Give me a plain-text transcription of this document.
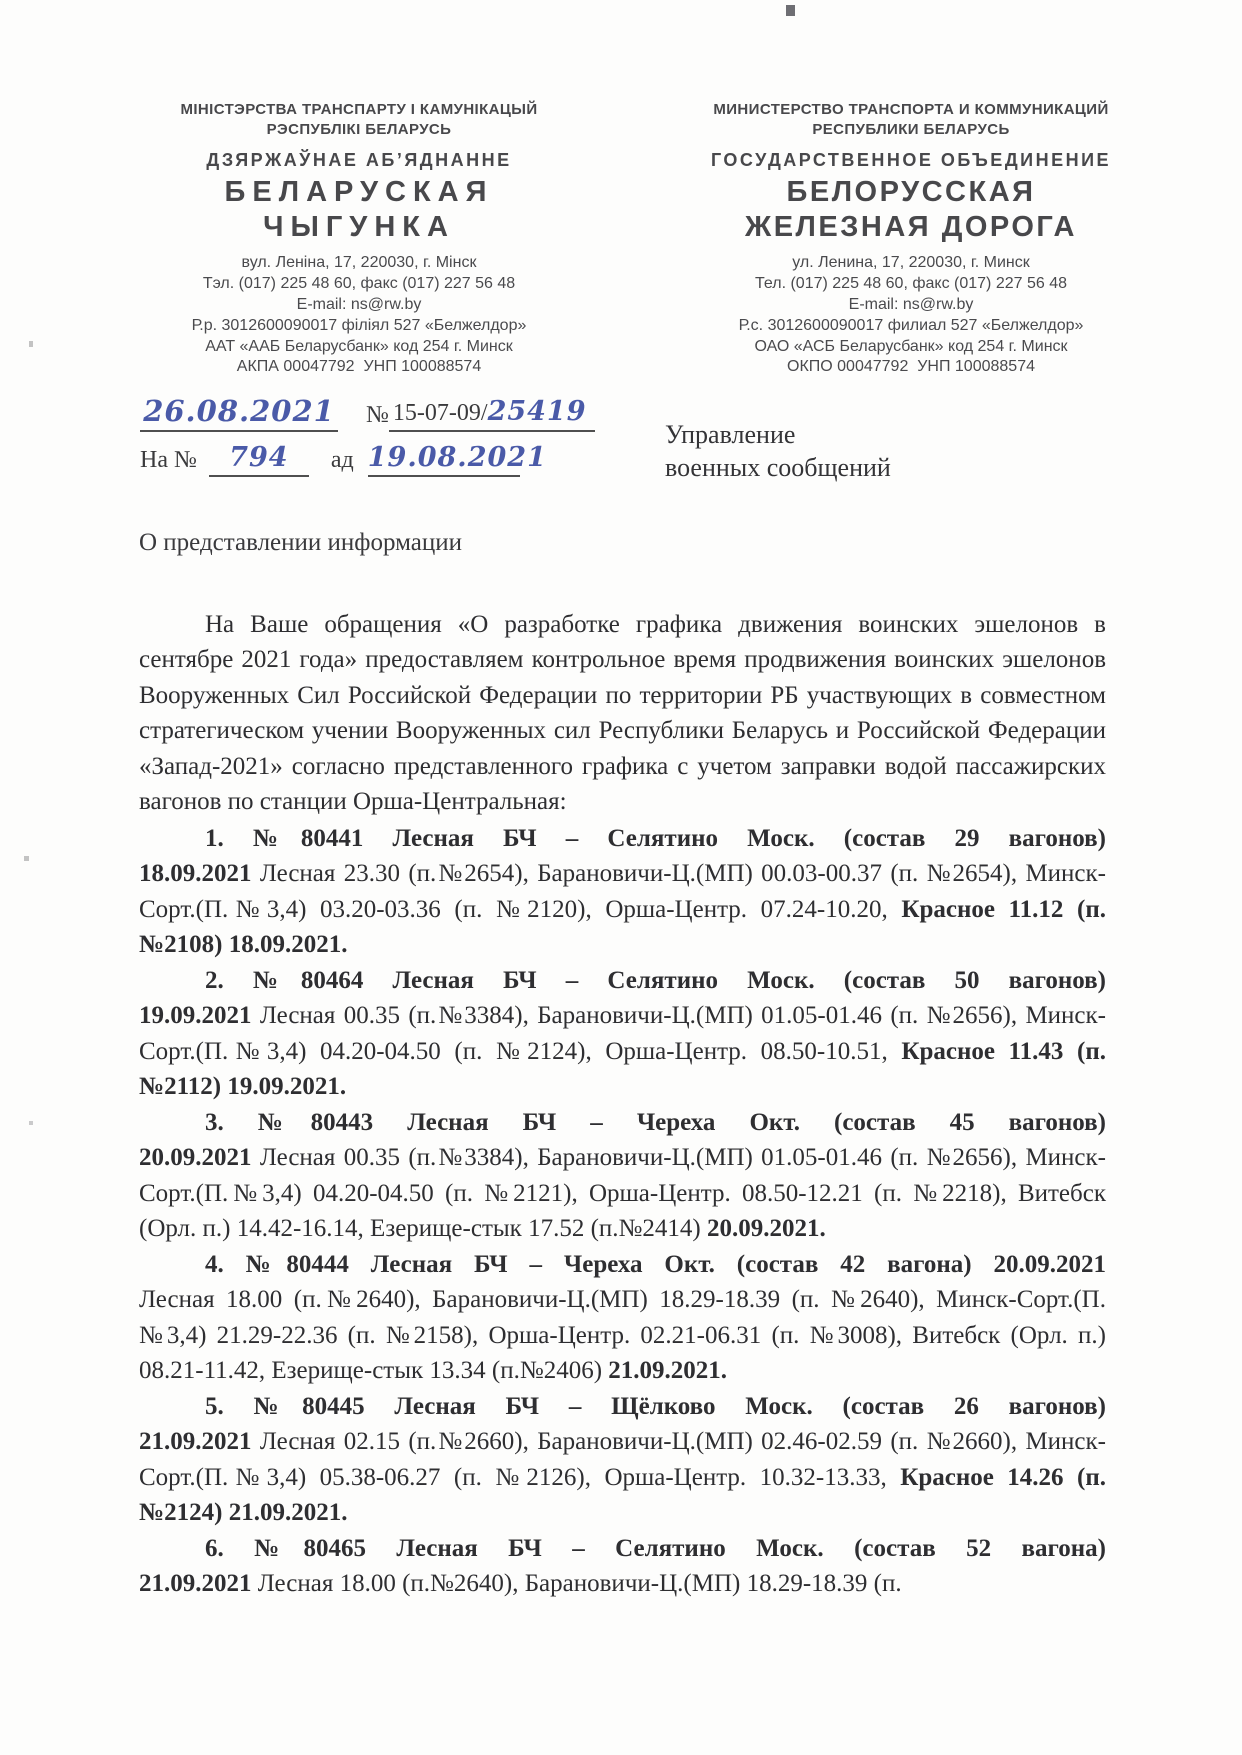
МІНІСТЭРСТВА ТРАНСПАРТУ І КАМУНІКАЦЫЙ
РЭСПУБЛІКІ БЕЛАРУСЬ
ДЗЯРЖАЎНАЕ АБ’ЯДНАННЕ
БЕЛАРУСКАЯ
ЧЫГУНКА
вул. Леніна, 17, 220030, г. Мінск
Тэл. (017) 225 48 60, факс (017) 227 56 48
E-mail: ns@rw.by
Р.р. 3012600090017 філіял 527 «Белжелдор»
ААТ «ААБ Беларусбанк» код 254 г. Минск
АКПА 00047792  УНП 100088574
МИНИСТЕРСТВО ТРАНСПОРТА И КОММУНИКАЦИЙ
РЕСПУБЛИКИ БЕЛАРУСЬ
ГОСУДАРСТВЕННОЕ ОБЪЕДИНЕНИЕ
БЕЛОРУССКАЯ
ЖЕЛЕЗНАЯ ДОРОГА
ул. Ленина, 17, 220030, г. Минск
Тел. (017) 225 48 60, факс (017) 227 56 48
E-mail: ns@rw.by
Р.с. 3012600090017 филиал 527 «Белжелдор»
ОАО «АСБ Беларусбанк» код 254 г. Минск
ОКПО 00047792  УНП 100088574
26.08.2021 № 15-07-09/25419
На №	794	ад 19.08.2021
Управление
военных сообщений
О представлении информации

На Ваше обращения «О разработке графика движения воинских эшелонов в сентябре 2021 года» предоставляем контрольное время продвижения воинских эшелонов Вооруженных Сил Российской Федерации по территории РБ участвующих в совместном стратегическом учении Вооруженных сил Республики Беларусь и Российской Федерации «Запад-2021» согласно представленного графика с учетом заправки водой пассажирских вагонов по станции Орша-Центральная:

1. №80441 Лесная БЧ – Селятино Моск. (состав 29 вагонов)
18.09.2021 Лесная 23.30 (п.№2654), Барановичи-Ц.(МП) 00.03-00.37 (п. №2654), Минск-Сорт.(П.№3,4) 03.20-03.36 (п. №2120), Орша-Центр. 07.24-10.20, Красное 11.12 (п. №2108) 18.09.2021.

2. №80464 Лесная БЧ – Селятино Моск. (состав 50 вагонов)
19.09.2021 Лесная 00.35 (п.№3384), Барановичи-Ц.(МП) 01.05-01.46 (п. №2656), Минск-Сорт.(П.№3,4) 04.20-04.50 (п. №2124), Орша-Центр. 08.50-10.51, Красное 11.43 (п. №2112) 19.09.2021.

3. №80443 Лесная БЧ – Череха Окт. (состав 45 вагонов)
20.09.2021 Лесная 00.35 (п.№3384), Барановичи-Ц.(МП) 01.05-01.46 (п. №2656), Минск-Сорт.(П.№3,4) 04.20-04.50 (п. №2121), Орша-Центр. 08.50-12.21 (п. №2218), Витебск (Орл. п.) 14.42-16.14, Езерище-стык 17.52 (п.№2414) 20.09.2021.

4. №80444 Лесная БЧ – Череха Окт. (состав 42 вагона) 20.09.2021
Лесная 18.00 (п.№2640), Барановичи-Ц.(МП) 18.29-18.39 (п. №2640), Минск-Сорт.(П.№3,4) 21.29-22.36 (п. №2158), Орша-Центр. 02.21-06.31 (п. №3008), Витебск (Орл. п.) 08.21-11.42, Езерище-стык 13.34 (п.№2406) 21.09.2021.

5. №80445 Лесная БЧ – Щёлково Моск. (состав 26 вагонов)
21.09.2021 Лесная 02.15 (п.№2660), Барановичи-Ц.(МП) 02.46-02.59 (п. №2660), Минск-Сорт.(П.№3,4) 05.38-06.27 (п. №2126), Орша-Центр. 10.32-13.33, Красное 14.26 (п. №2124) 21.09.2021.

6. №80465 Лесная БЧ – Селятино Моск. (состав 52 вагона)
21.09.2021 Лесная 18.00 (п.№2640), Барановичи-Ц.(МП) 18.29-18.39 (п.
